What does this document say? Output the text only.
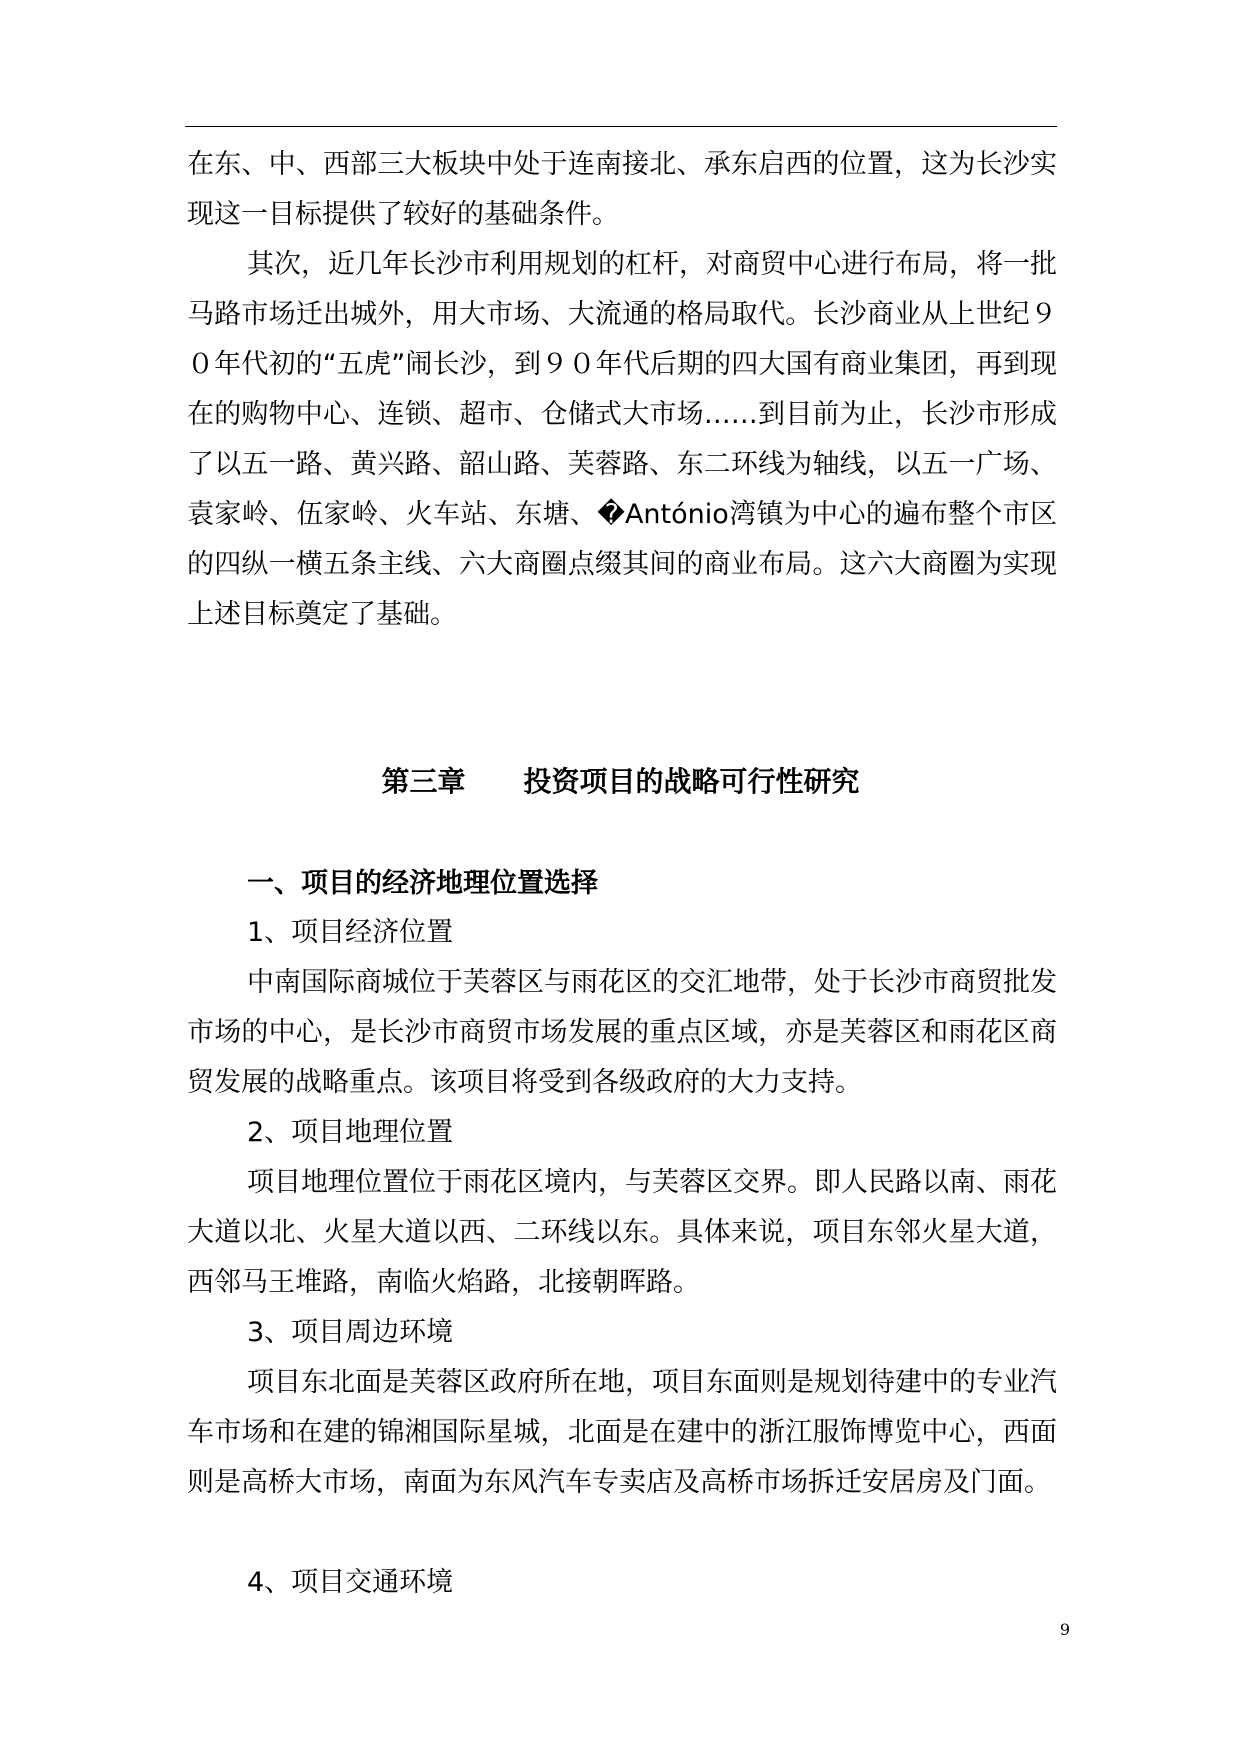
在东、中、西部三大板块中处于连南接北、承东启西的位置，这为长沙实现这一目标提供了较好的基础条件。
其次，近几年长沙市利用规划的杠杆，对商贸中心进行布局，将一批马路市场迁出城外，用大市场、大流通的格局取代。长沙商业从上世纪９０年代初的“五虎”闹长沙，到９０年代后期的四大国有商业集团，再到现在的购物中心、连锁、超市、仓储式大市场……到目前为止，长沙市形成了以五一路、黄兴路、韶山路、芙蓉路、东二环线为轴线，以五一广场、袁家岭、伍家岭、火车站、东塘、�António湾镇为中心的遍布整个市区的四纵一横五条主线、六大商圈点缀其间的商业布局。这六大商圈为实现上述目标奠定了基础。
第三章 投资项目的战略可行性研究
一、项目的经济地理位置选择
1、项目经济位置
中南国际商城位于芙蓉区与雨花区的交汇地带，处于长沙市商贸批发市场的中心，是长沙市商贸市场发展的重点区域，亦是芙蓉区和雨花区商贸发展的战略重点。该项目将受到各级政府的大力支持。
2、项目地理位置
项目地理位置位于雨花区境内，与芙蓉区交界。即人民路以南、雨花大道以北、火星大道以西、二环线以东。具体来说，项目东邻火星大道，西邻马王堆路，南临火焰路，北接朝晖路。
3、项目周边环境
项目东北面是芙蓉区政府所在地，项目东面则是规划待建中的专业汽车市场和在建的锦湘国际星城，北面是在建中的浙江服饰博览中心，西面则是高桥大市场，南面为东风汽车专卖店及高桥市场拆迁安居房及门面。
4、项目交通环境
9
